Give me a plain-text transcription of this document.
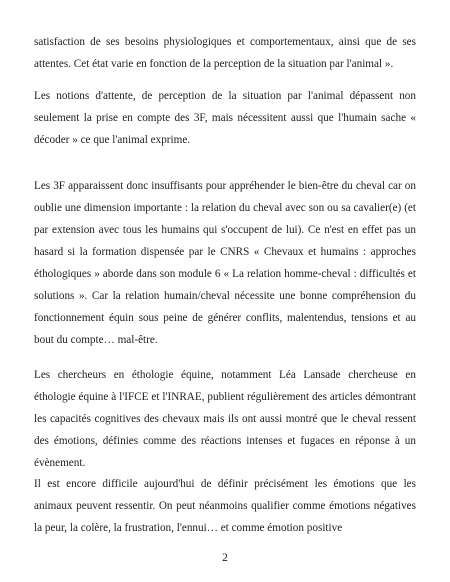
satisfaction de ses besoins physiologiques et comportementaux, ainsi que de ses attentes. Cet état varie en fonction de la perception de la situation par l'animal ».

Les notions d'attente, de perception de la situation par l'animal dépassent non seulement la prise en compte des 3F, mais nécessitent aussi que l'humain sache « décoder » ce que l'animal exprime.

Les 3F apparaissent donc insuffisants pour appréhender le bien-être du cheval car on oublie une dimension importante : la relation du cheval avec son ou sa cavalier(e) (et par extension avec tous les humains qui s'occupent de lui). Ce n'est en effet pas un hasard si la formation dispensée par le CNRS « Chevaux et humains : approches éthologiques » aborde dans son module 6 « La relation homme-cheval : difficultés et solutions ». Car la relation humain/cheval nécessite une bonne compréhension du fonctionnement équin sous peine de générer conflits, malentendus, tensions et au bout du compte… mal-être.

Les chercheurs en éthologie équine, notamment Léa Lansade chercheuse en éthologie équine à l'IFCE et l'INRAE, publient régulièrement des articles démontrant les capacités cognitives des chevaux mais ils ont aussi montré que le cheval ressent des émotions, définies comme des réactions intenses et fugaces en réponse à un évènement.

Il est encore difficile aujourd'hui de définir précisément les émotions que les animaux peuvent ressentir. On peut néanmoins qualifier comme émotions négatives la peur, la colère, la frustration, l'ennui… et comme émotion positive

2
